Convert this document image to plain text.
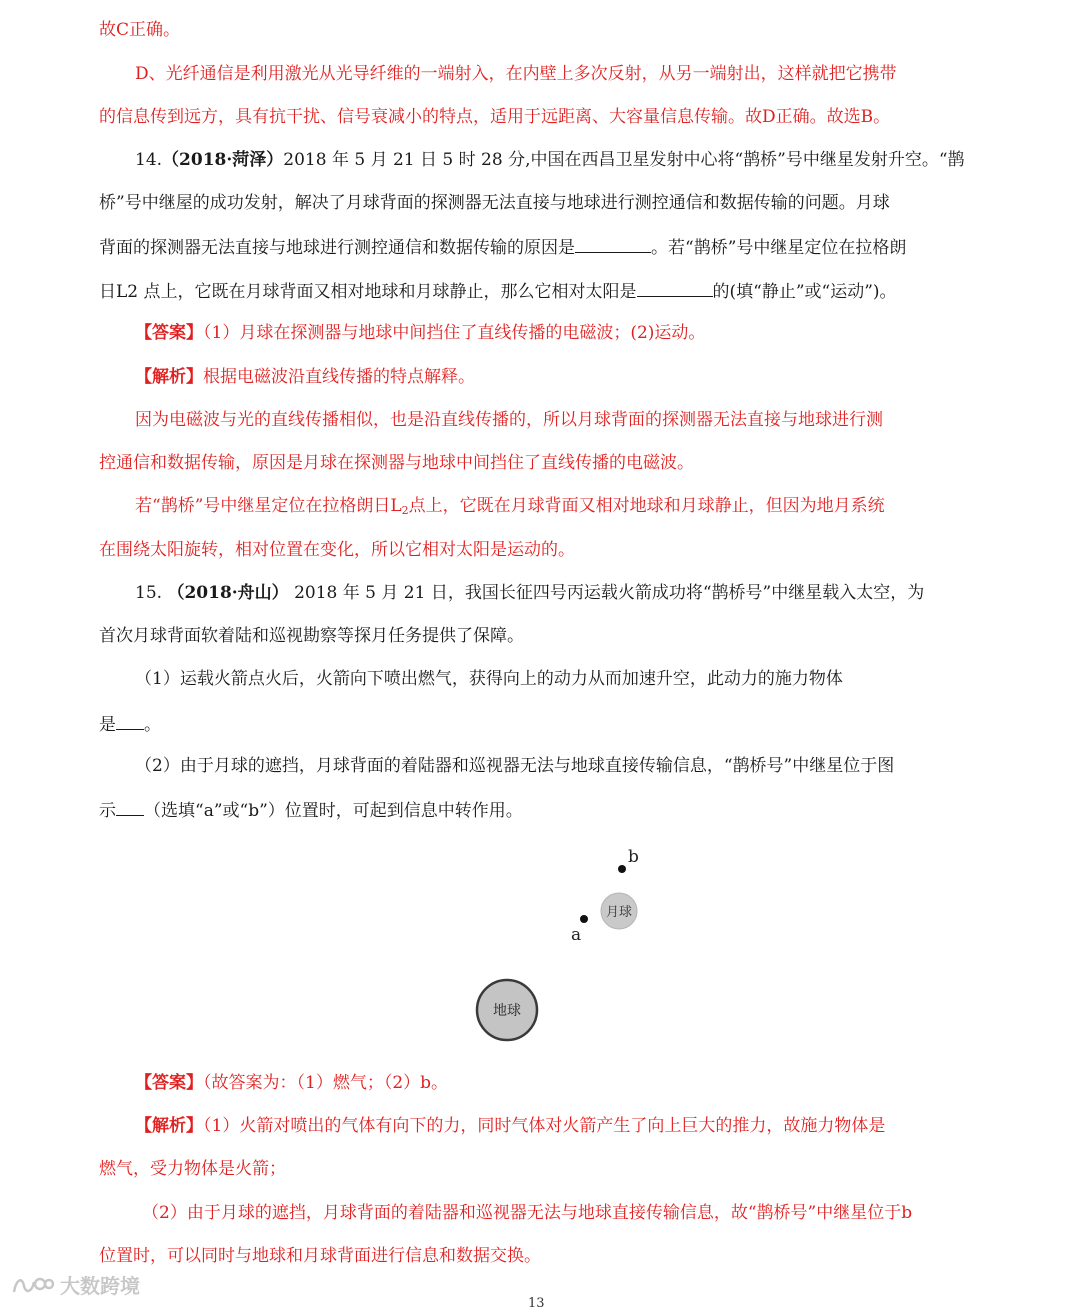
故C正确。
D、光纤通信是利用激光从光导纤维的一端射入，在内壁上多次反射，从另一端射出，这样就把它携带
的信息传到远方，具有抗干扰、信号衰减小的特点，适用于远距离、大容量信息传输。故D正确。故选B。
14.（2018·菏泽）2018 年 5 月 21 日 5 时 28 分,中国在西昌卫星发射中心将“鹊桥”号中继星发射升空。“鹊
桥”号中继屋的成功发射，解决了月球背面的探测器无法直接与地球进行测控通信和数据传输的问题。月球
背面的探测器无法直接与地球进行测控通信和数据传输的原因是	。若“鹊桥”号中继星定位在拉格朗
日L2 点上，它既在月球背面又相对地球和月球静止，那么它相对太阳是	的(填“静止”或“运动”)。
【答案】（1）月球在探测器与地球中间挡住了直线传播的电磁波；(2)运动。
【解析】根据电磁波沿直线传播的特点解释。
因为电磁波与光的直线传播相似，也是沿直线传播的，所以月球背面的探测器无法直接与地球进行测
控通信和数据传输，原因是月球在探测器与地球中间挡住了直线传播的电磁波。
若“鹊桥”号中继星定位在拉格朗日$L_2$点上，它既在月球背面又相对地球和月球静止，但因为地月系统
在围绕太阳旋转，相对位置在变化，所以它相对太阳是运动的。
15. （2018·舟山） 2018 年 5 月 21 日，我国长征四号丙运载火箭成功将“鹊桥号”中继星载入太空，为
首次月球背面软着陆和巡视勘察等探月任务提供了保障。
（1）运载火箭点火后，火箭向下喷出燃气，获得向上的动力从而加速升空，此动力的施力物体
是 。
（2）由于月球的遮挡，月球背面的着陆器和巡视器无法与地球直接传输信息，“鹊桥号”中继星位于图
示 （选填“a”或“b”）位置时，可起到信息中转作用。
月球
b
a
地球
【答案】（故答案为：（1）燃气；（2）b。
【解析】（1）火箭对喷出的气体有向下的力，同时气体对火箭产生了向上巨大的推力，故施力物体是
燃气，受力物体是火箭；
（2）由于月球的遮挡，月球背面的着陆器和巡视器无法与地球直接传输信息，故“鹊桥号”中继星位于b
位置时，可以同时与地球和月球背面进行信息和数据交换。
大数跨境
13
